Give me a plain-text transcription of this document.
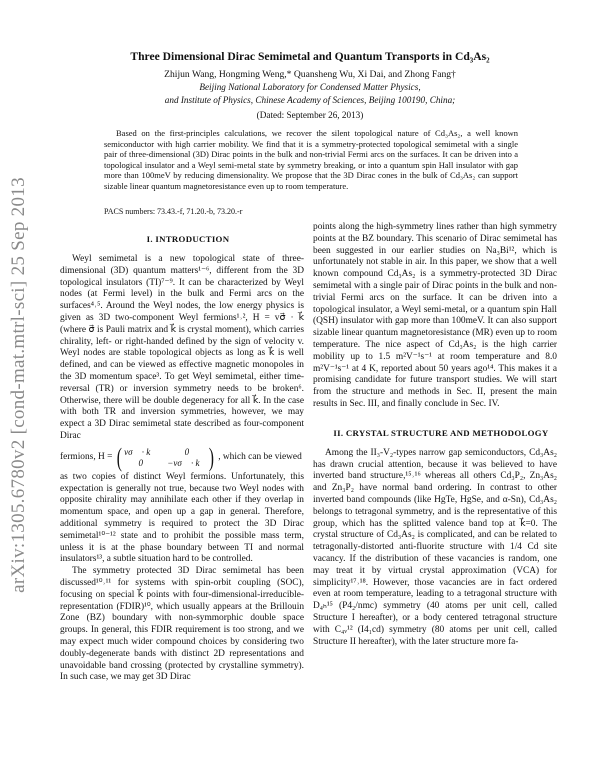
arXiv:1305.6780v2 [cond-mat.mtrl-sci] 25 Sep 2013
Three Dimensional Dirac Semimetal and Quantum Transports in Cd₃As₂
Zhijun Wang, Hongming Weng,* Quansheng Wu, Xi Dai, and Zhong Fang†
Beijing National Laboratory for Condensed Matter Physics,
and Institute of Physics, Chinese Academy of Sciences, Beijing 100190, China;
(Dated: September 26, 2013)

Based on the first-principles calculations, we recover the silent topological nature of Cd₃As₂, a well known semiconductor with high carrier mobility. We find that it is a symmetry-protected topological semimetal with a single pair of three-dimensional (3D) Dirac points in the bulk and non-trivial Fermi arcs on the surfaces. It can be driven into a topological insulator and a Weyl semi-metal state by symmetry breaking, or into a quantum spin Hall insulator with gap more than 100meV by reducing dimensionality. We propose that the 3D Dirac cones in the bulk of Cd₃As₂ can support sizable linear quantum magnetoresistance even up to room temperature.

PACS numbers: 73.43.-f, 71.20.-b, 73.20.-r

I. INTRODUCTION

Weyl semimetal is a new topological state of three-dimensional (3D) quantum matters¹⁻⁶, different from the 3D topological insulators (TI)⁷⁻⁹. It can be characterized by Weyl nodes (at Fermi level) in the bulk and Fermi arcs on the surfaces⁴˒⁵. Around the Weyl nodes, the low energy physics is given as 3D two-component Weyl fermions¹˒², H = vσ⃗ · k⃗ (where σ⃗ is Pauli matrix and k⃗ is crystal moment), which carries chirality, left- or right-handed defined by the sign of velocity v. Weyl nodes are stable topological objects as long as k⃗ is well defined, and can be viewed as effective magnetic monopoles in the 3D momentum space³. To get Weyl semimetal, either time-reversal (TR) or inversion symmetry needs to be broken⁶. Otherwise, there will be double degeneracy for all k⃗. In the case with both TR and inversion symmetries, however, we may expect a 3D Dirac semimetal state described as four-component Dirac

fermions, H = ( vσ⃗ · k⃗	0
0	−vσ⃗ · k⃗ ) , which can be viewed

as two copies of distinct Weyl fermions. Unfortunately, this expectation is generally not true, because two Weyl nodes with opposite chirality may annihilate each other if they overlap in momentum space, and open up a gap in general. Therefore, additional symmetry is required to protect the 3D Dirac semimetal¹⁰⁻¹² state and to prohibit the possible mass term, unless it is at the phase boundary between TI and normal insulators¹³, a subtle situation hard to be controlled.

The symmetry protected 3D Dirac semimetal has been discussed¹⁰˒¹¹ for systems with spin-orbit coupling (SOC), focusing on special k⃗ points with four-dimensional-irreducible-representation (FDIR)¹⁰, which usually appears at the Brillouin Zone (BZ) boundary with non-symmorphic double space groups. In general, this FDIR requirement is too strong, and we may expect much wider compound choices by considering two doubly-degenerate bands with distinct 2D representations and unavoidable band crossing (protected by crystalline symmetry). In such case, we may get 3D Dirac

points along the high-symmetry lines rather than high symmetry points at the BZ boundary. This scenario of Dirac semimetal has been suggested in our earlier studies on Na₃Bi¹², which is unfortunately not stable in air. In this paper, we show that a well known compound Cd₃As₂ is a symmetry-protected 3D Dirac semimetal with a single pair of Dirac points in the bulk and non-trivial Fermi arcs on the surface. It can be driven into a topological insulator, a Weyl semi-metal, or a quantum spin Hall (QSH) insulator with gap more than 100meV. It can also support sizable linear quantum magnetoresistance (MR) even up to room temperature. The nice aspect of Cd₃As₂ is the high carrier mobility up to 1.5 m²V⁻¹s⁻¹ at room temperature and 8.0 m²V⁻¹s⁻¹ at 4 K, reported about 50 years ago¹⁴. This makes it a promising candidate for future transport studies. We will start from the structure and methods in Sec. II, present the main results in Sec. III, and finally conclude in Sec. IV.

II. CRYSTAL STRUCTURE AND METHODOLOGY

Among the II₃-V₂-types narrow gap semiconductors, Cd₃As₂ has drawn crucial attention, because it was believed to have inverted band structure,¹⁵˒¹⁶ whereas all others Cd₃P₂, Zn₃As₂ and Zn₃P₂ have normal band ordering. In contrast to other inverted band compounds (like HgTe, HgSe, and α-Sn), Cd₃As₂ belongs to tetragonal symmetry, and is the representative of this group, which has the splitted valence band top at k⃗=0. The crystal structure of Cd₃As₂ is complicated, and can be related to tetragonally-distorted anti-fluorite structure with 1/4 Cd site vacancy. If the distribution of these vacancies is random, one may treat it by virtual crystal approximation (VCA) for simplicity¹⁷˒¹⁸. However, those vacancies are in fact ordered even at room temperature, leading to a tetragonal structure with D₄ₕ¹⁵ (P4₂/nmc) symmetry (40 atoms per unit cell, called Structure I hereafter), or a body centered tetragonal structure with C₄ᵥ¹² (I4₁cd) symmetry (80 atoms per unit cell, called Structure II hereafter), with the later structure more fa-
